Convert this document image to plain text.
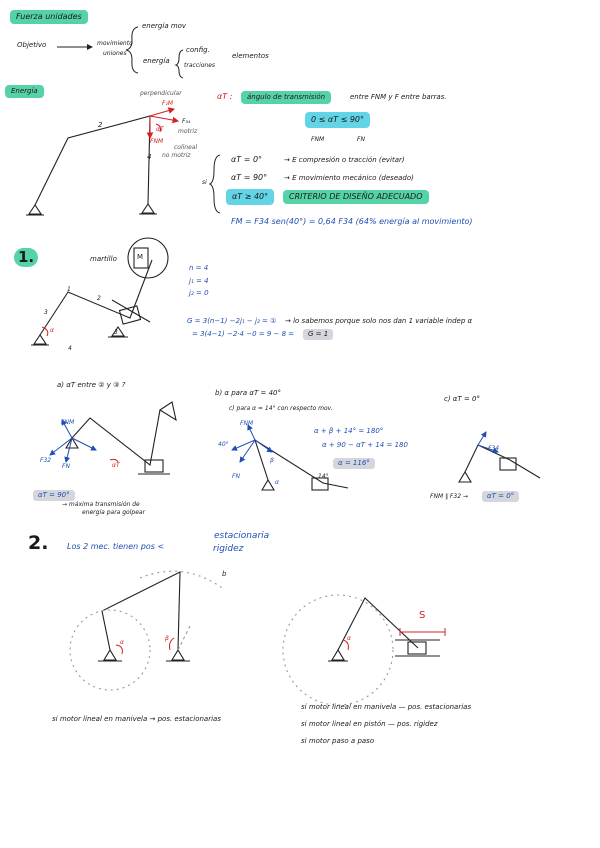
Fuerza unidades
Objetivo	movimiento
uniones
energía mov
energía
config.
tracciones
elementos
Energía	perpendicular
F₂M
F₃₄
αT motriz
FNM
colineal
no motriz
2
4
αT :	ángulo de transmisión	entre FNM y F entre barras.
0 ≤ αT ≤ 90°
FNM	FN
si
αT = 0°	→ E compresión o tracción (evitar)
αT = 90° → E movimiento mecánico (deseado)
αT ≥ 40°	CRITERIO DE DISEÑO ADECUADO
FM = F34 sen(40°) = 0,64 F34 (64% energía al movimiento)
1.	martillo	M
n = 4
j₁ = 4
j₂ = 0
G = 3(n−1) −2j₁ − j₂ = ① → lo sabemos porque solo nos dan 1 variable indep α
= 3(4−1) −2·4 −0 = 9 − 8 =	G = 1
1
2
3
4
3
α
a) αT entre ② y ③ ?
FNM
F32
FN	αT
αT = 90°
→ máxima transmisión de
energía para golpear
b) α para αT = 40°
c) para α = 14° con respecto mov.
α + β + 14° = 180°
α + 90 − αT + 14 = 180
α = 116°
FNM
40°
FN
β
α
14°
c) αT = 0°
F34
FNM ∥ F32 →	αT = 0°
2. Los 2 mec. tienen pos <
estacionaria
rigidez
b
α
β	α
S
si motor lineal en manivela → pos. estacionarias
si motor lineal en manivela — pos. estacionarias
si motor lineal en pistón — pos. rigidez
si motor paso a paso
